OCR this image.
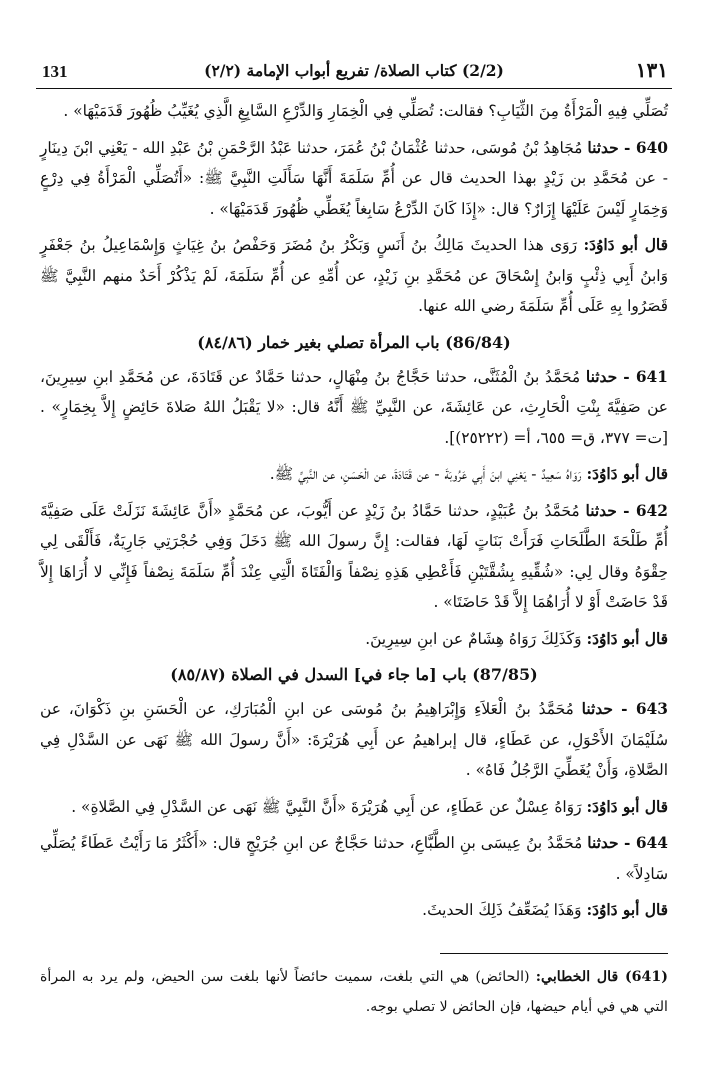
131	(2/2) كتاب الصلاة/ تفريع أبواب الإمامة (٢/٢)	١٣١

تُصَلِّي فِيهِ الْمَرْأَةُ مِنَ الثِّيَابِ؟ فقالت: تُصَلِّي فِي الْخِمَارِ وَالدِّرْعِ السَّابِغِ الَّذِي يُغَيِّبُ ظُهُورَ قَدَمَيْهَا» .

640 - حدثنا مُجَاهِدُ بْنُ مُوسَى، حدثنا عُثْمَانُ بْنُ عُمَرَ، حدثنا عَبْدُ الرَّحْمَنِ بْنُ عَبْدِ الله - يَعْنِي ابْنَ دِينَارٍ - عن مُحَمَّدِ بن زَيْدٍ بهذا الحديث قال عن أُمِّ سَلَمَةَ أَنَّهَا سَأَلَتِ النَّبِيَّ ﷺ: «أَتُصَلِّي الْمَرْأَةُ فِي دِرْعٍ وَخِمَارٍ لَيْسَ عَلَيْهَا إِزَارٌ؟ قال: «إِذَا كَانَ الدِّرْعُ سَابِغاً يُغَطِّي ظُهُورَ قَدَمَيْهَا» .

قال أبو دَاوُدَ: رَوَى هذا الحديثَ مَالِكُ بنُ أَنَسٍ وَبَكْرُ بنُ مُضَرَ وَحَفْصُ بنُ غِيَاثٍ وَإِسْمَاعِيلُ بنُ جَعْفَرٍ وَابنُ أَبِي ذِئْبٍ وَابنُ إِسْحَاقَ عن مُحَمَّدِ بنِ زَيْدٍ، عن أُمِّهِ عن أُمِّ سَلَمَةَ، لَمْ يَذْكُرْ أَحَدٌ منهم النَّبِيَّ ﷺ قَصَرُوا بِهِ عَلَى أُمِّ سَلَمَةَ رضي الله عنها.

(86/84) باب المرأة تصلي بغير خمار (٨٤/٨٦)

641 - حدثنا مُحَمَّدُ بنُ الْمُثَنَّى، حدثنا حَجَّاجُ بنُ مِنْهَالٍ، حدثنا حَمَّادٌ عن قَتَادَةَ، عن مُحَمَّدِ ابنِ سِيرِينَ، عن صَفِيَّةَ بِنْتِ الْحَارِثِ، عن عَائِشَةَ، عن النَّبِيِّ ﷺ أَنَّهُ قال: «لا يَقْبَلُ اللهُ صَلاةَ حَائِضٍ إِلاَّ بِخِمَارٍ» . [ت= ٣٧٧، ق= ٦٥٥، أ= (٢٥٢٢٢)].

قال أبو دَاوُدَ: رَوَاهُ سَعِيدٌ - يَعْنِي ابنَ أَبِي عَرُوبَةَ - عن قَتَادَةَ، عن الْحَسَنِ، عن النَّبِيِّ ﷺ.

642 - حدثنا مُحَمَّدُ بنُ عُبَيْدٍ، حدثنا حَمَّادُ بنُ زَيْدٍ عن أَيُّوبَ، عن مُحَمَّدٍ «أَنَّ عَائِشَةَ نَزَلَتْ عَلَى صَفِيَّةَ أُمِّ طَلْحَةَ الطَّلَحَاتِ فَرَأَتْ بَنَاتٍ لَهَا، فقالت: إِنَّ رسولَ الله ﷺ دَخَلَ وَفِي حُجْرَتِي جَارِيَةٌ، فَأَلْقَى لِي حِقْوَهُ وقال لِي: «شُقِّيهِ بِشُقَّتَيْنِ فَأَعْطِي هَذِهِ نِصْفاً وَالْفَتَاةَ الَّتِي عِنْدَ أُمِّ سَلَمَةَ نِصْفاً فَإِنِّي لا أُرَاهَا إِلاَّ قَدْ حَاضَتْ أَوْ لا أُرَاهُمَا إِلاَّ قَدْ حَاضَتَا» .

قال أبو دَاوُدَ: وَكَذَلِكَ رَوَاهُ هِشَامٌ عن ابنِ سِيرِينَ.

(87/85) باب [ما جاء في] السدل في الصلاة (٨٥/٨٧)

643 - حدثنا مُحَمَّدُ بنُ الْعَلاَءِ وَإِبْرَاهِيمُ بنُ مُوسَى عن ابنِ الْمُبَارَكِ، عن الْحَسَنِ بنِ ذَكْوَانَ، عن سُلَيْمَانَ الأَحْوَلِ، عن عَطَاءٍ، قال إبراهيمُ عن أَبِي هُرَيْرَةَ: «أَنَّ رسولَ الله ﷺ نَهَى عن السَّدْلِ فِي الصَّلاةِ، وَأَنْ يُغَطِّيَ الرَّجُلُ فَاهُ» .

قال أبو دَاوُدَ: رَوَاهُ عِسْلٌ عن عَطَاءٍ، عن أَبِي هُرَيْرَةَ «أَنَّ النَّبِيَّ ﷺ نَهَى عن السَّدْلِ فِي الصَّلاةِ» .

644 - حدثنا مُحَمَّدُ بنُ عِيسَى بنِ الطَّبَّاعِ، حدثنا حَجَّاجٌ عن ابنِ جُرَيْجٍ قال: «أَكْثَرُ مَا رَأَيْتُ عَطَاءً يُصَلِّي سَادِلاً» .

قال أبو دَاوُدَ: وَهَذَا يُضَعِّفُ ذَلِكَ الحديثَ.

(641) قال الخطابي: (الحائض) هي التي بلغت، سميت حائضاً لأنها بلغت سن الحيض، ولم يرد به المرأة التي هي في أيام حيضها، فإن الحائض لا تصلي بوجه.
